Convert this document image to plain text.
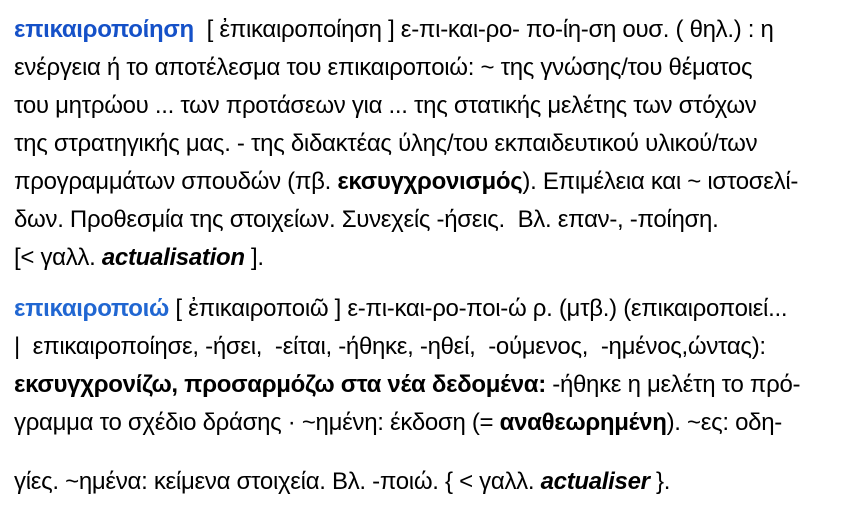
επικαιροποίηση  [ ἐπικαιροποίηση ] ε-πι-και-ρο- πο-ίη-ση ουσ. ( θηλ.) : η
ενέργεια ή το αποτέλεσμα του επικαιροποιώ: ~ της γνώσης/του θέματος
του μητρώου ... των προτάσεων για ... της στατικής μελέτης των στόχων
της στρατηγικής μας. - της διδακτέας ύλης/του εκπαιδευτικού υλικού/των
προγραμμάτων σπουδών (πβ. εκσυγχρονισμός). Επιμέλεια και ~ ιστοσελί-
δων. Προθεσμία της στοιχείων. Συνεχείς -ήσεις.  Βλ. επαν-, -ποίηση.
[< γαλλ. actualisation ].
επικαιροποιώ [ ἐπικαιροποιῶ ] ε-πι-και-ρο-ποι-ώ ρ. (μτβ.) (επικαιροποιεί...
|  επικαιροποίησε, -ήσει,  -είται, -ήθηκε, -ηθεί,  -ούμενος,  -ημένος,ώντας):
εκσυγχρονίζω, προσαρμόζω στα νέα δεδομένα: -ήθηκε η μελέτη το πρό-
γραμμα το σχέδιο δράσης · ~ημένη: έκδοση (= αναθεωρημένη). ~ες: οδη-
γίες. ~ημένα: κείμενα στοιχεία. Βλ. -ποιώ. { < γαλλ. actualiser }.
